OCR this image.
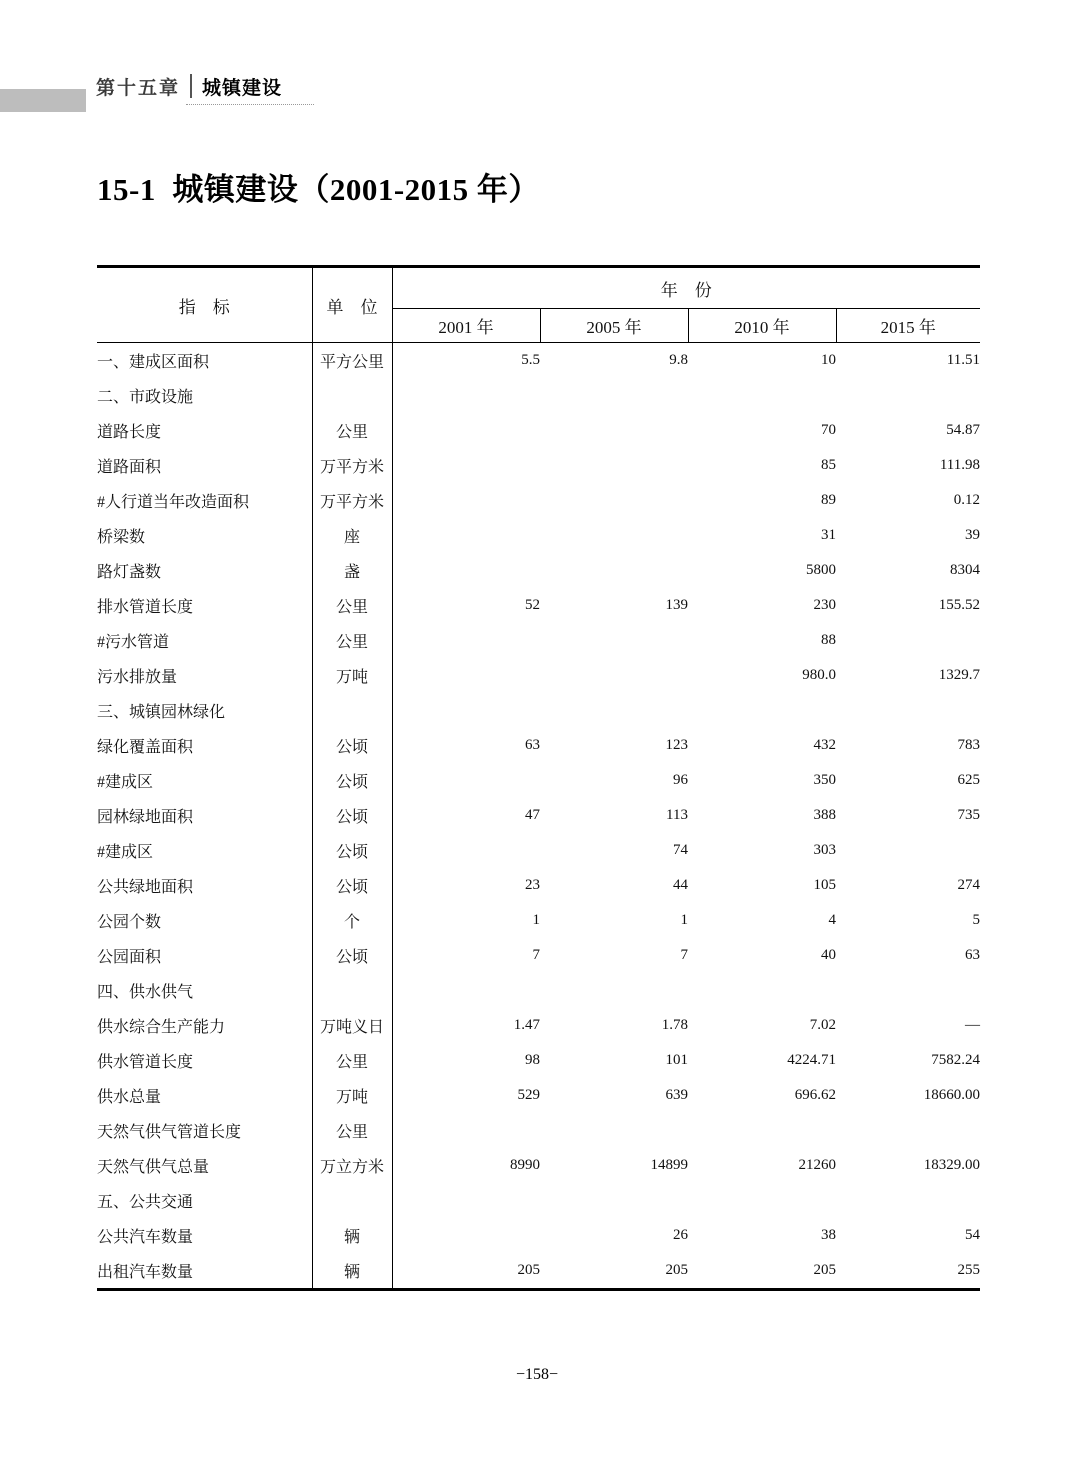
第十五章 城镇建设
15-1  城镇建设（2001-2015 年）
指　标	单　位	年　份			
		2001 年	2005 年	2010 年	2015 年
一、建成区面积	平方公里	5.5	9.8	10	11.51
二、市政设施					
道路长度	公里			70	54.87
道路面积	万平方米			85	111.98
#人行道当年改造面积	万平方米			89	0.12
桥梁数	座			31	39
路灯盏数	盏			5800	8304
排水管道长度	公里	52	139	230	155.52
#污水管道	公里			88	
污水排放量	万吨			980.0	1329.7
三、城镇园林绿化					
绿化覆盖面积	公顷	63	123	432	783
#建成区	公顷		96	350	625
园林绿地面积	公顷	47	113	388	735
#建成区	公顷		74	303	
公共绿地面积	公顷	23	44	105	274
公园个数	个	1	1	4	5
公园面积	公顷	7	7	40	63
四、供水供气					
供水综合生产能力	万吨义日	1.47	1.78	7.02	—
供水管道长度	公里	98	101	4224.71	7582.24
供水总量	万吨	529	639	696.62	18660.00
天然气供气管道长度	公里				
天然气供气总量	万立方米	8990	14899	21260	18329.00
五、公共交通					
公共汽车数量	辆		26	38	54
出租汽车数量	辆	205	205	205	255
−158−
